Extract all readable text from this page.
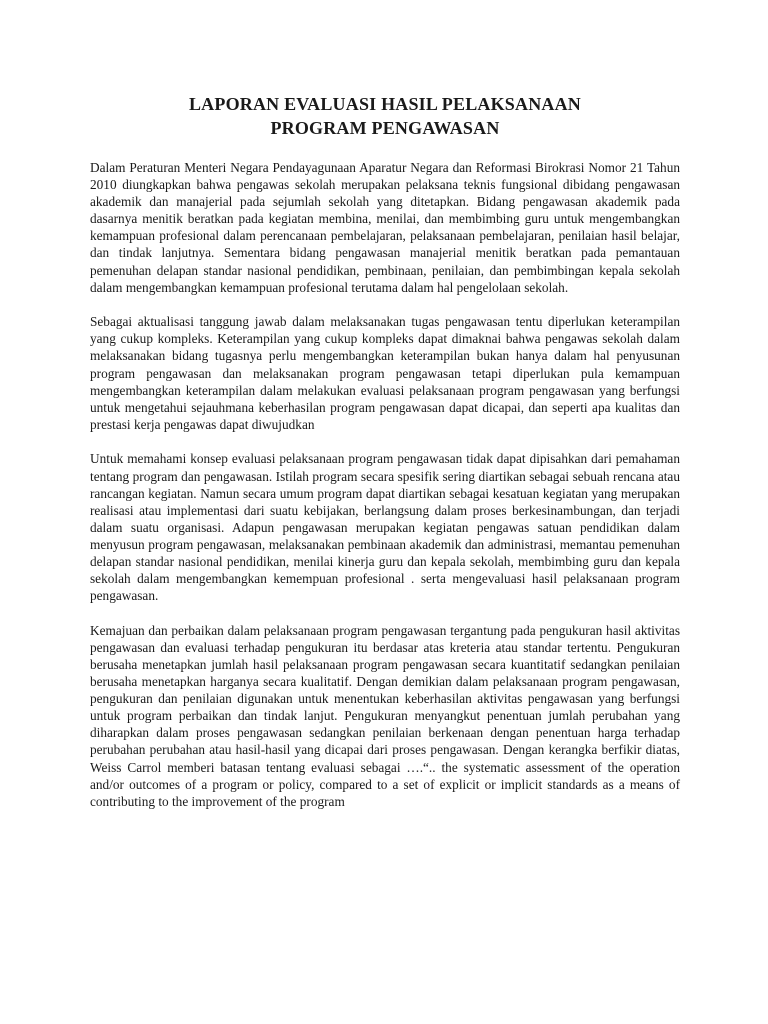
LAPORAN EVALUASI HASIL PELAKSANAAN
PROGRAM PENGAWASAN

Dalam Peraturan Menteri Negara Pendayagunaan Aparatur Negara dan Reformasi Birokrasi Nomor 21 Tahun 2010 diungkapkan bahwa pengawas sekolah merupakan pelaksana teknis fungsional dibidang pengawasan akademik dan manajerial pada sejumlah sekolah yang ditetapkan. Bidang pengawasan akademik pada dasarnya menitik beratkan pada kegiatan membina, menilai, dan membimbing guru untuk mengembangkan kemampuan profesional dalam perencanaan pembelajaran, pelaksanaan pembelajaran, penilaian hasil belajar, dan tindak lanjutnya. Sementara bidang pengawasan manajerial menitik beratkan pada pemantauan pemenuhan delapan standar nasional pendidikan, pembinaan, penilaian, dan pembimbingan kepala sekolah dalam mengembangkan kemampuan profesional terutama dalam hal pengelolaan sekolah.

Sebagai aktualisasi tanggung jawab dalam melaksanakan tugas pengawasan tentu diperlukan keterampilan yang cukup kompleks. Keterampilan yang cukup kompleks dapat dimaknai bahwa pengawas sekolah dalam melaksanakan bidang tugasnya perlu mengembangkan keterampilan bukan hanya dalam hal penyusunan program pengawasan dan melaksanakan program pengawasan tetapi diperlukan pula kemampuan mengembangkan keterampilan dalam melakukan evaluasi pelaksanaan program pengawasan yang berfungsi untuk mengetahui sejauhmana keberhasilan program pengawasan dapat dicapai, dan seperti apa kualitas dan prestasi kerja pengawas dapat diwujudkan

Untuk memahami konsep evaluasi pelaksanaan program pengawasan tidak dapat dipisahkan dari pemahaman tentang program dan pengawasan. Istilah program secara spesifik sering diartikan sebagai sebuah rencana atau rancangan kegiatan. Namun secara umum program dapat diartikan sebagai kesatuan kegiatan yang merupakan realisasi atau implementasi dari suatu kebijakan, berlangsung dalam proses berkesinambungan, dan terjadi dalam suatu organisasi. Adapun pengawasan merupakan kegiatan pengawas satuan pendidikan dalam menyusun program pengawasan, melaksanakan pembinaan akademik dan administrasi, memantau pemenuhan delapan standar nasional pendidikan, menilai kinerja guru dan kepala sekolah, membimbing guru dan kepala sekolah dalam mengembangkan kemempuan profesional . serta mengevaluasi hasil pelaksanaan program pengawasan.

Kemajuan dan perbaikan dalam pelaksanaan program pengawasan tergantung pada pengukuran hasil aktivitas pengawasan dan evaluasi terhadap pengukuran itu berdasar atas kreteria atau standar tertentu. Pengukuran berusaha menetapkan jumlah hasil pelaksanaan program pengawasan secara kuantitatif sedangkan penilaian berusaha menetapkan harganya secara kualitatif. Dengan demikian dalam pelaksanaan program pengawasan, pengukuran dan penilaian digunakan untuk menentukan keberhasilan aktivitas pengawasan yang berfungsi untuk program perbaikan dan tindak lanjut. Pengukuran menyangkut penentuan jumlah perubahan yang diharapkan dalam proses pengawasan sedangkan penilaian berkenaan dengan penentuan harga terhadap perubahan perubahan atau hasil-hasil yang dicapai dari proses pengawasan. Dengan kerangka berfikir diatas, Weiss Carrol memberi batasan tentang evaluasi sebagai ….“.. the systematic assessment of the operation and/or outcomes of a program or policy, compared to a set of explicit or implicit standards as a means of contributing to the improvement of the program
